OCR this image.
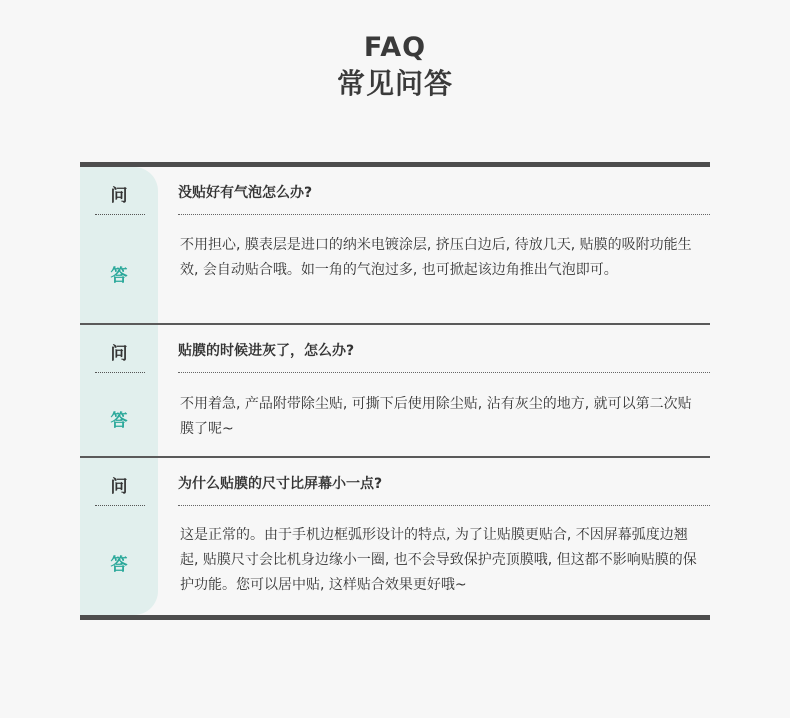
FAQ
常见问答
问	没贴好有气泡怎么办?
答
不用担心, 膜表层是进口的纳米电镀涂层, 挤压白边后, 待放几天, 贴膜的吸附功能生效, 会自动贴合哦。如一角的气泡过多, 也可掀起该边角推出气泡即可。
问	贴膜的时候进灰了，怎么办?
答
不用着急, 产品附带除尘贴, 可撕下后使用除尘贴, 沾有灰尘的地方, 就可以第二次贴膜了呢~
问	为什么贴膜的尺寸比屏幕小一点?
答
这是正常的。由于手机边框弧形设计的特点, 为了让贴膜更贴合, 不因屏幕弧度边翘起, 贴膜尺寸会比机身边缘小一圈, 也不会导致保护壳顶膜哦, 但这都不影响贴膜的保护功能。您可以居中贴, 这样贴合效果更好哦~
